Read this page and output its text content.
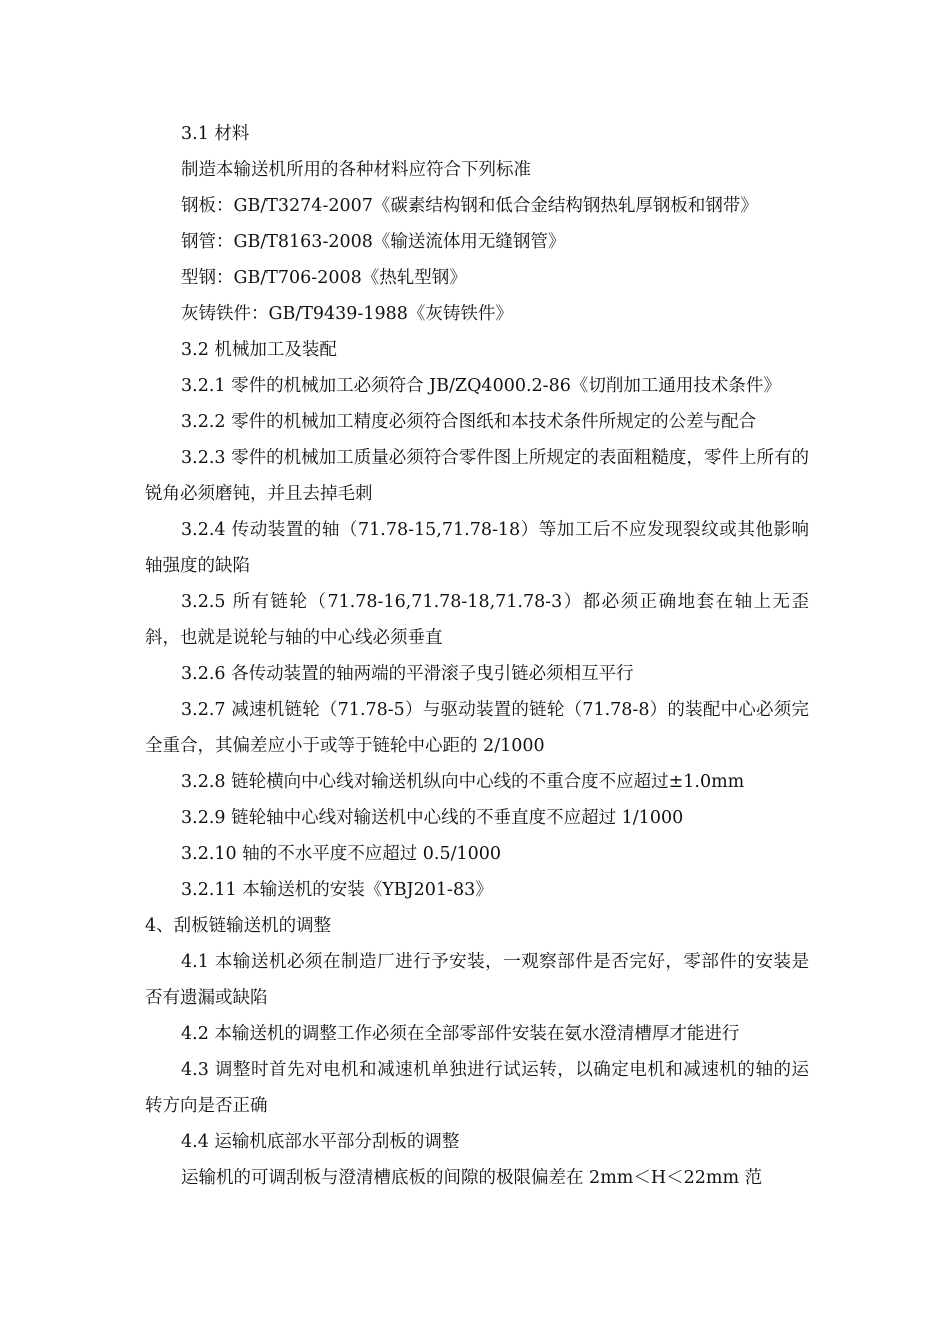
3.1 材料

制造本输送机所用的各种材料应符合下列标准

钢板：GB/T3274-2007《碳素结构钢和低合金结构钢热轧厚钢板和钢带》

钢管：GB/T8163-2008《输送流体用无缝钢管》

型钢：GB/T706-2008《热轧型钢》

灰铸铁件：GB/T9439-1988《灰铸铁件》

3.2 机械加工及装配

3.2.1 零件的机械加工必须符合 JB/ZQ4000.2-86《切削加工通用技术条件》

3.2.2 零件的机械加工精度必须符合图纸和本技术条件所规定的公差与配合

3.2.3 零件的机械加工质量必须符合零件图上所规定的表面粗糙度，零件上所有的锐角必须磨钝，并且去掉毛刺

3.2.4 传动装置的轴（71.78-15,71.78-18）等加工后不应发现裂纹或其他影响轴强度的缺陷

3.2.5 所有链轮（71.78-16,71.78-18,71.78-3）都必须正确地套在轴上无歪斜，也就是说轮与轴的中心线必须垂直

3.2.6 各传动装置的轴两端的平滑滚子曳引链必须相互平行

3.2.7 减速机链轮（71.78-5）与驱动装置的链轮（71.78-8）的装配中心必须完全重合，其偏差应小于或等于链轮中心距的 2/1000

3.2.8 链轮横向中心线对输送机纵向中心线的不重合度不应超过±1.0mm

3.2.9 链轮轴中心线对输送机中心线的不垂直度不应超过 1/1000

3.2.10 轴的不水平度不应超过 0.5/1000

3.2.11 本输送机的安装《YBJ201-83》

4、刮板链输送机的调整

4.1 本输送机必须在制造厂进行予安装，一观察部件是否完好，零部件的安装是否有遗漏或缺陷

4.2 本输送机的调整工作必须在全部零部件安装在氨水澄清槽厚才能进行

4.3 调整时首先对电机和减速机单独进行试运转，以确定电机和减速机的轴的运转方向是否正确

4.4 运输机底部水平部分刮板的调整

运输机的可调刮板与澄清槽底板的间隙的极限偏差在 2mm＜H＜22mm 范
